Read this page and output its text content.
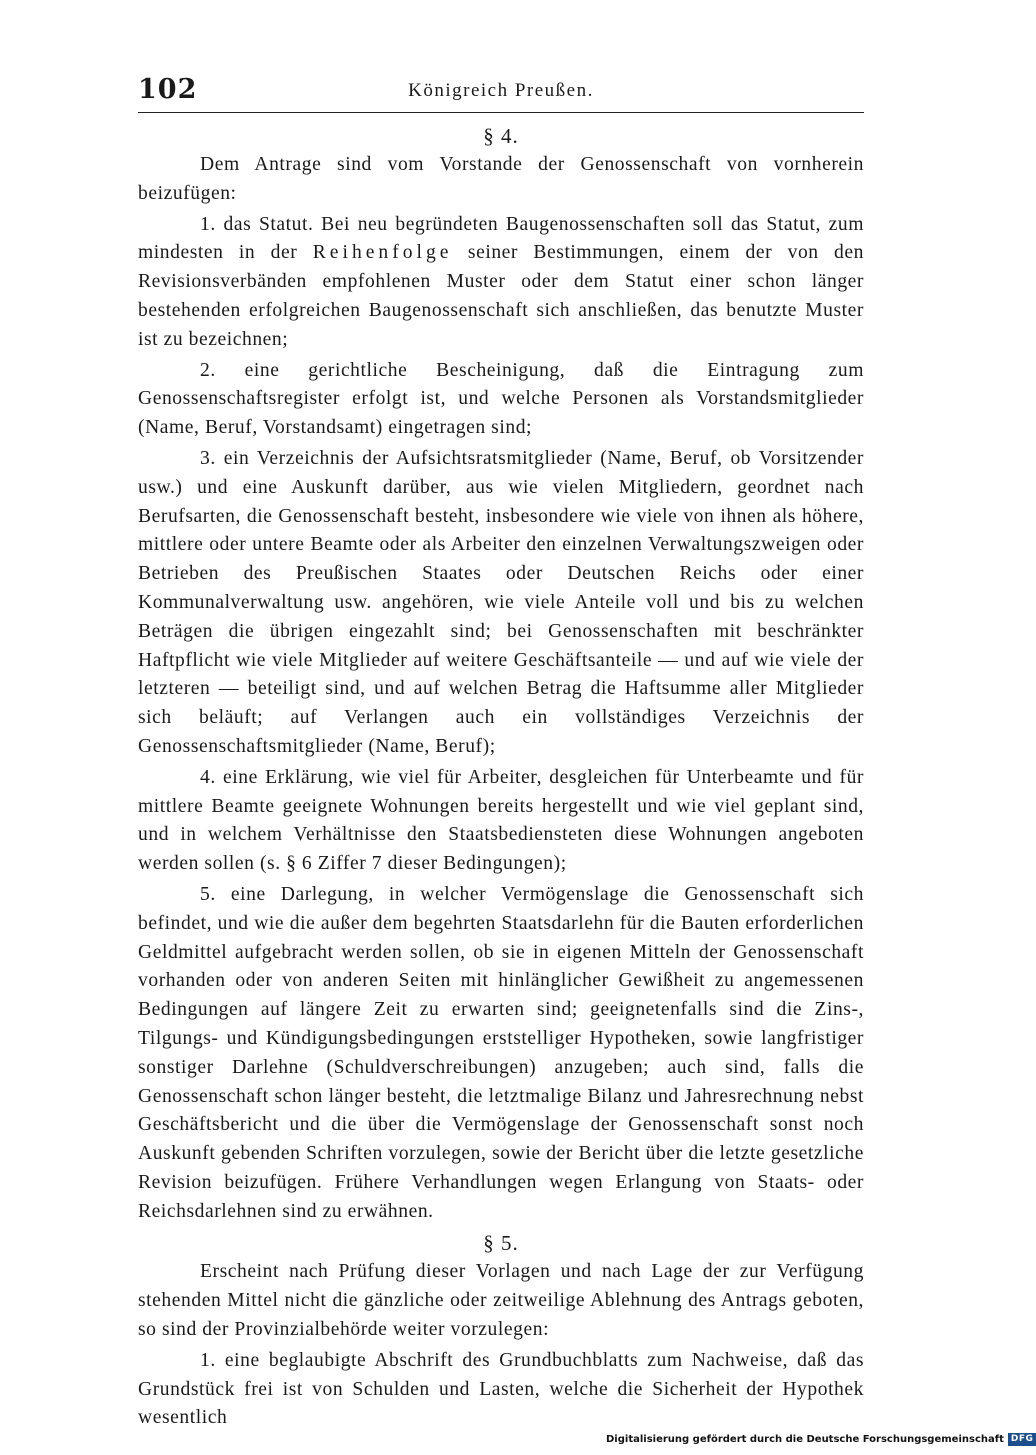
102	Königreich Preußen.

§ 4.

Dem Antrage sind vom Vorstande der Genossenschaft von vornherein beizufügen:

1. das Statut. Bei neu begründeten Baugenossenschaften soll das Statut, zum mindesten in der Reihenfolge seiner Bestimmungen, einem der von den Revisionsverbänden empfohlenen Muster oder dem Statut einer schon länger bestehenden erfolgreichen Baugenossenschaft sich anschließen, das benutzte Muster ist zu bezeichnen;

2. eine gerichtliche Bescheinigung, daß die Eintragung zum Genossenschaftsregister erfolgt ist, und welche Personen als Vorstandsmitglieder (Name, Beruf, Vorstandsamt) eingetragen sind;

3. ein Verzeichnis der Aufsichtsratsmitglieder (Name, Beruf, ob Vorsitzender usw.) und eine Auskunft darüber, aus wie vielen Mitgliedern, geordnet nach Berufsarten, die Genossenschaft besteht, insbesondere wie viele von ihnen als höhere, mittlere oder untere Beamte oder als Arbeiter den einzelnen Verwaltungszweigen oder Betrieben des Preußischen Staates oder Deutschen Reichs oder einer Kommunalverwaltung usw. angehören, wie viele Anteile voll und bis zu welchen Beträgen die übrigen eingezahlt sind; bei Genossenschaften mit beschränkter Haftpflicht wie viele Mitglieder auf weitere Geschäftsanteile — und auf wie viele der letzteren — beteiligt sind, und auf welchen Betrag die Haftsumme aller Mitglieder sich beläuft; auf Verlangen auch ein vollständiges Verzeichnis der Genossenschaftsmitglieder (Name, Beruf);

4. eine Erklärung, wie viel für Arbeiter, desgleichen für Unterbeamte und für mittlere Beamte geeignete Wohnungen bereits hergestellt und wie viel geplant sind, und in welchem Verhältnisse den Staatsbediensteten diese Wohnungen angeboten werden sollen (s. § 6 Ziffer 7 dieser Bedingungen);

5. eine Darlegung, in welcher Vermögenslage die Genossenschaft sich befindet, und wie die außer dem begehrten Staatsdarlehn für die Bauten erforderlichen Geldmittel aufgebracht werden sollen, ob sie in eigenen Mitteln der Genossenschaft vorhanden oder von anderen Seiten mit hinlänglicher Gewißheit zu angemessenen Bedingungen auf längere Zeit zu erwarten sind; geeignetenfalls sind die Zins-, Tilgungs- und Kündigungsbedingungen erststelliger Hypotheken, sowie langfristiger sonstiger Darlehne (Schuldverschreibungen) anzugeben; auch sind, falls die Genossenschaft schon länger besteht, die letztmalige Bilanz und Jahresrechnung nebst Geschäftsbericht und die über die Vermögenslage der Genossenschaft sonst noch Auskunft gebenden Schriften vorzulegen, sowie der Bericht über die letzte gesetzliche Revision beizufügen. Frühere Verhandlungen wegen Erlangung von Staats- oder Reichsdarlehnen sind zu erwähnen.

§ 5.

Erscheint nach Prüfung dieser Vorlagen und nach Lage der zur Verfügung stehenden Mittel nicht die gänzliche oder zeitweilige Ablehnung des Antrags geboten, so sind der Provinzialbehörde weiter vorzulegen:

1. eine beglaubigte Abschrift des Grundbuchblatts zum Nachweise, daß das Grundstück frei ist von Schulden und Lasten, welche die Sicherheit der Hypothek wesentlich

Digitalisierung gefördert durch die Deutsche Forschungsgemeinschaft DFG
